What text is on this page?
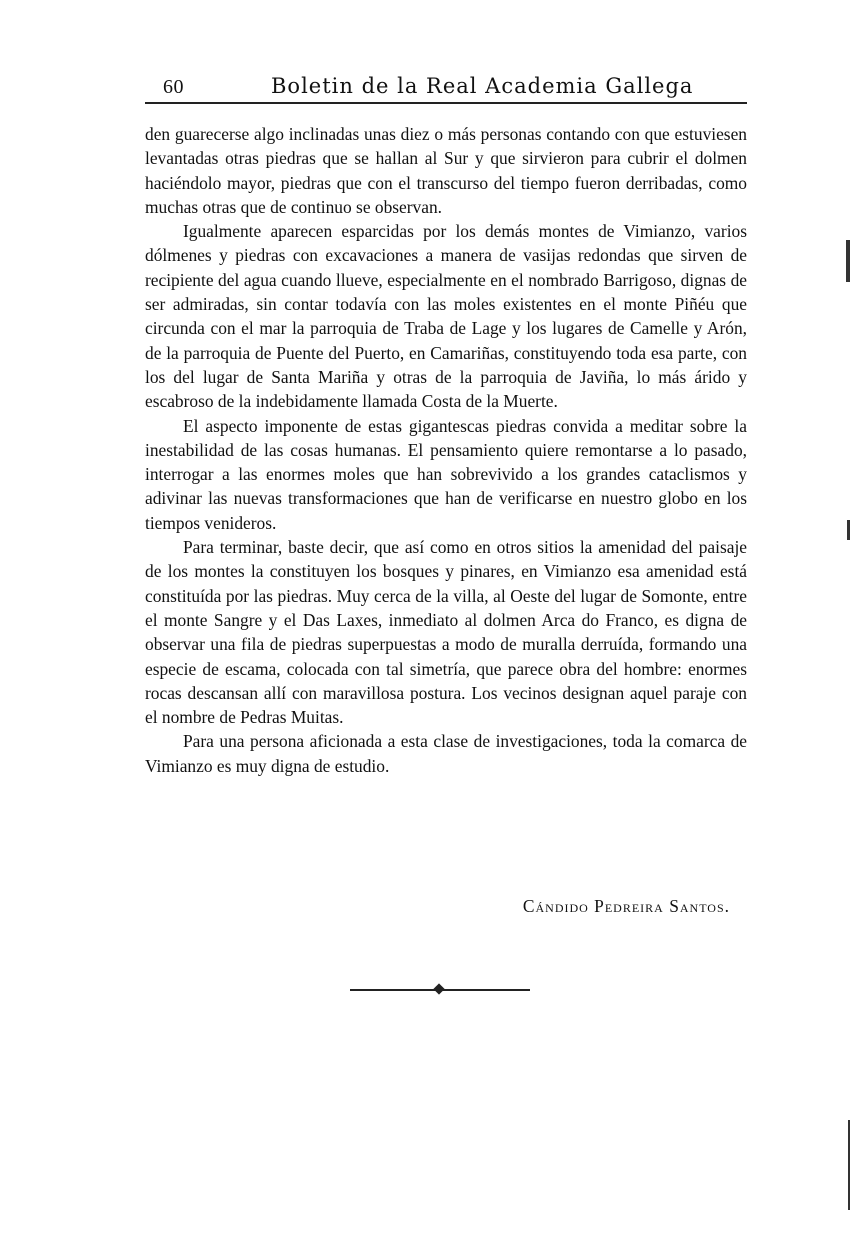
60	Boletin de la Real Academia Gallega

den guarecerse algo inclinadas unas diez o más personas contando con que estuviesen levantadas otras piedras que se hallan al Sur y que sirvieron para cubrir el dolmen haciéndolo mayor, piedras que con el transcurso del tiempo fueron derribadas, como muchas otras que de continuo se observan.

Igualmente aparecen esparcidas por los demás montes de Vimianzo, varios dólmenes y piedras con excavaciones a manera de vasijas redondas que sirven de recipiente del agua cuando llueve, especialmente en el nombrado Barrigoso, dignas de ser admiradas, sin contar todavía con las moles existentes en el monte Piñéu que circunda con el mar la parroquia de Traba de Lage y los lugares de Camelle y Arón, de la parroquia de Puente del Puerto, en Camariñas, constituyendo toda esa parte, con los del lugar de Santa Mariña y otras de la parroquia de Javiña, lo más árido y escabroso de la indebidamente llamada Costa de la Muerte.

El aspecto imponente de estas gigantescas piedras convida a meditar sobre la inestabilidad de las cosas humanas. El pensamiento quiere remontarse a lo pasado, interrogar a las enormes moles que han sobrevivido a los grandes cataclismos y adivinar las nuevas transformaciones que han de verificarse en nuestro globo en los tiempos venideros.

Para terminar, baste decir, que así como en otros sitios la amenidad del paisaje de los montes la constituyen los bosques y pinares, en Vimianzo esa amenidad está constituída por las piedras. Muy cerca de la villa, al Oeste del lugar de Somonte, entre el monte Sangre y el Das Laxes, inmediato al dolmen Arca do Franco, es digna de observar una fila de piedras superpuestas a modo de muralla derruída, formando una especie de escama, colocada con tal simetría, que parece obra del hombre: enormes rocas descansan allí con maravillosa postura. Los vecinos designan aquel paraje con el nombre de Pedras Muitas.

Para una persona aficionada a esta clase de investigaciones, toda la comarca de Vimianzo es muy digna de estudio.

Cándido Pedreira Santos.
